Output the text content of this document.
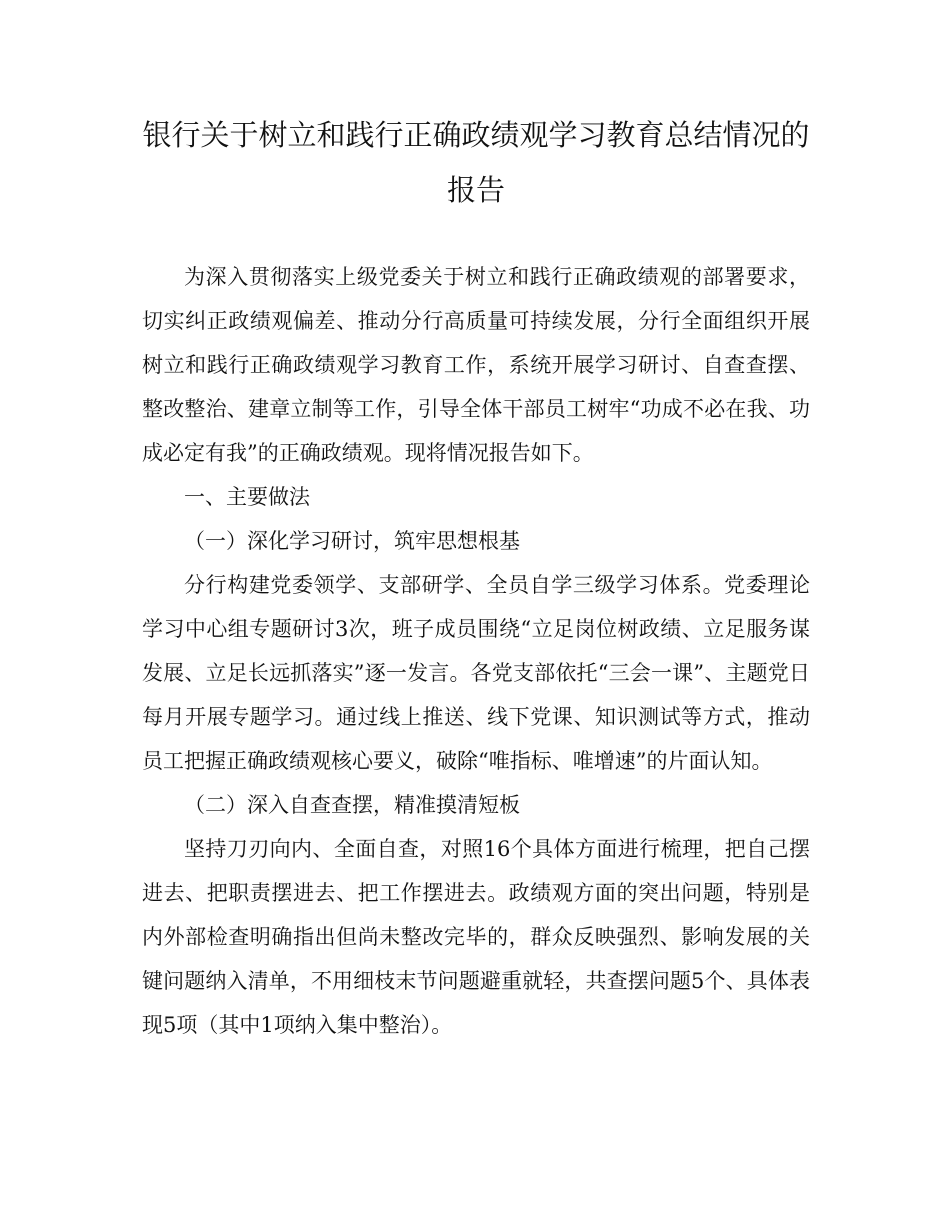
银行关于树立和践行正确政绩观学习教育总结情况的报告

为深入贯彻落实上级党委关于树立和践行正确政绩观的部署要求，切实纠正政绩观偏差、推动分行高质量可持续发展，分行全面组织开展树立和践行正确政绩观学习教育工作，系统开展学习研讨、自查查摆、整改整治、建章立制等工作，引导全体干部员工树牢“功成不必在我、功成必定有我”的正确政绩观。现将情况报告如下。

一、主要做法

（一）深化学习研讨，筑牢思想根基

分行构建党委领学、支部研学、全员自学三级学习体系。党委理论学习中心组专题研讨3次，班子成员围绕“立足岗位树政绩、立足服务谋发展、立足长远抓落实”逐一发言。各党支部依托“三会一课”、主题党日每月开展专题学习。通过线上推送、线下党课、知识测试等方式，推动员工把握正确政绩观核心要义，破除“唯指标、唯增速”的片面认知。

（二）深入自查查摆，精准摸清短板

坚持刀刃向内、全面自查，对照16个具体方面进行梳理，把自己摆进去、把职责摆进去、把工作摆进去。政绩观方面的突出问题，特别是内外部检查明确指出但尚未整改完毕的，群众反映强烈、影响发展的关键问题纳入清单，不用细枝末节问题避重就轻，共查摆问题5个、具体表现5项（其中1项纳入集中整治）。
